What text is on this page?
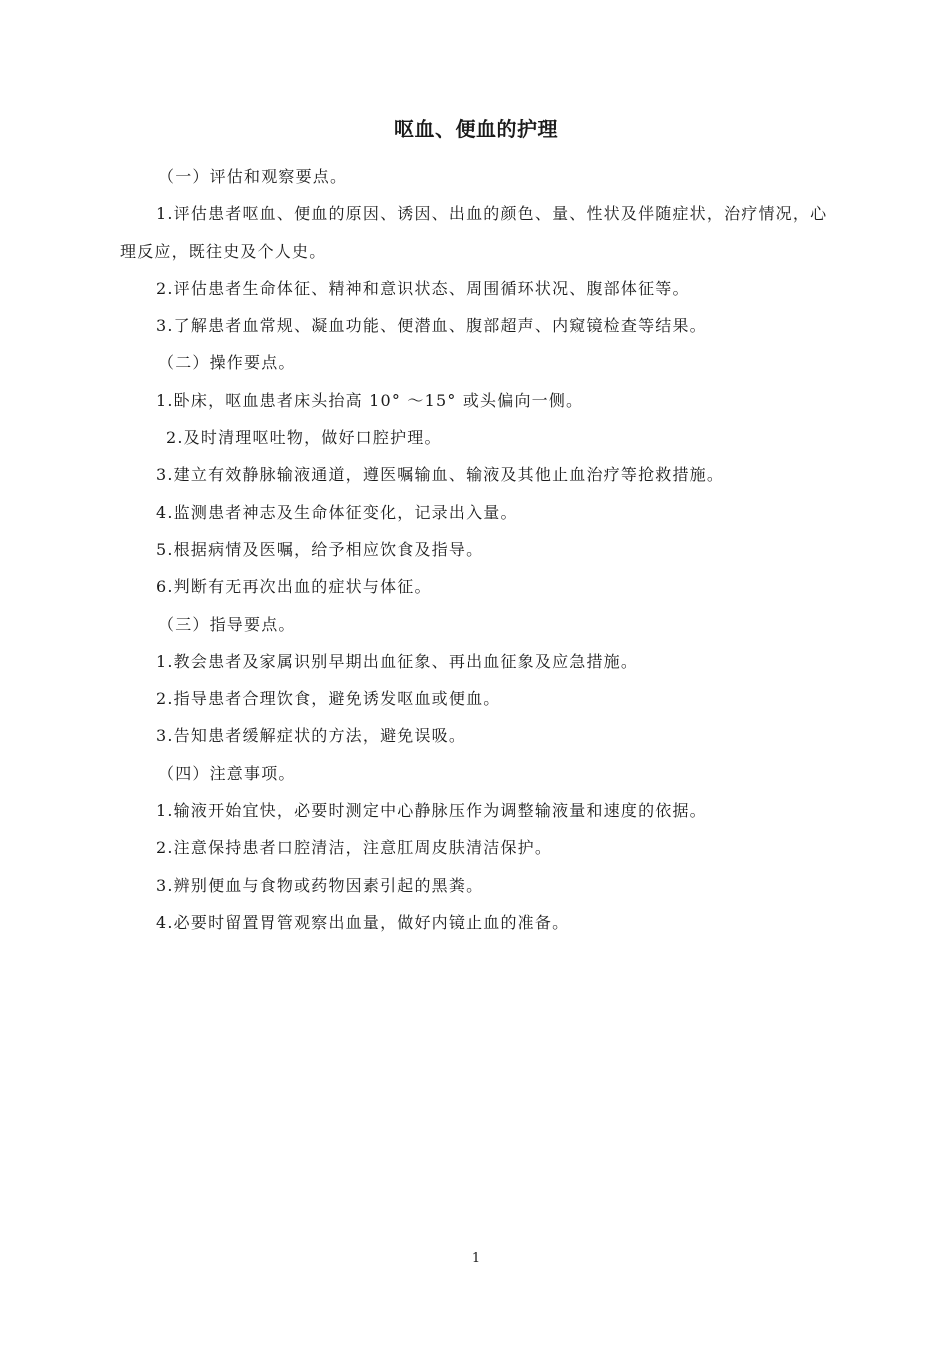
呕血、便血的护理

（一）评估和观察要点。

1.评估患者呕血、便血的原因、诱因、出血的颜色、量、性状及伴随症状，治疗情况，心理反应，既往史及个人史。

2.评估患者生命体征、精神和意识状态、周围循环状况、腹部体征等。

3.了解患者血常规、凝血功能、便潜血、腹部超声、内窥镜检查等结果。

（二）操作要点。

1.卧床，呕血患者床头抬高 10° ～15° 或头偏向一侧。

2.及时清理呕吐物，做好口腔护理。

3.建立有效静脉输液通道，遵医嘱输血、输液及其他止血治疗等抢救措施。

4.监测患者神志及生命体征变化，记录出入量。

5.根据病情及医嘱，给予相应饮食及指导。

6.判断有无再次出血的症状与体征。

（三）指导要点。

1.教会患者及家属识别早期出血征象、再出血征象及应急措施。

2.指导患者合理饮食，避免诱发呕血或便血。

3.告知患者缓解症状的方法，避免误吸。

（四）注意事项。

1.输液开始宜快，必要时测定中心静脉压作为调整输液量和速度的依据。

2.注意保持患者口腔清洁，注意肛周皮肤清洁保护。

3.辨别便血与食物或药物因素引起的黑粪。

4.必要时留置胃管观察出血量，做好内镜止血的准备。

1
